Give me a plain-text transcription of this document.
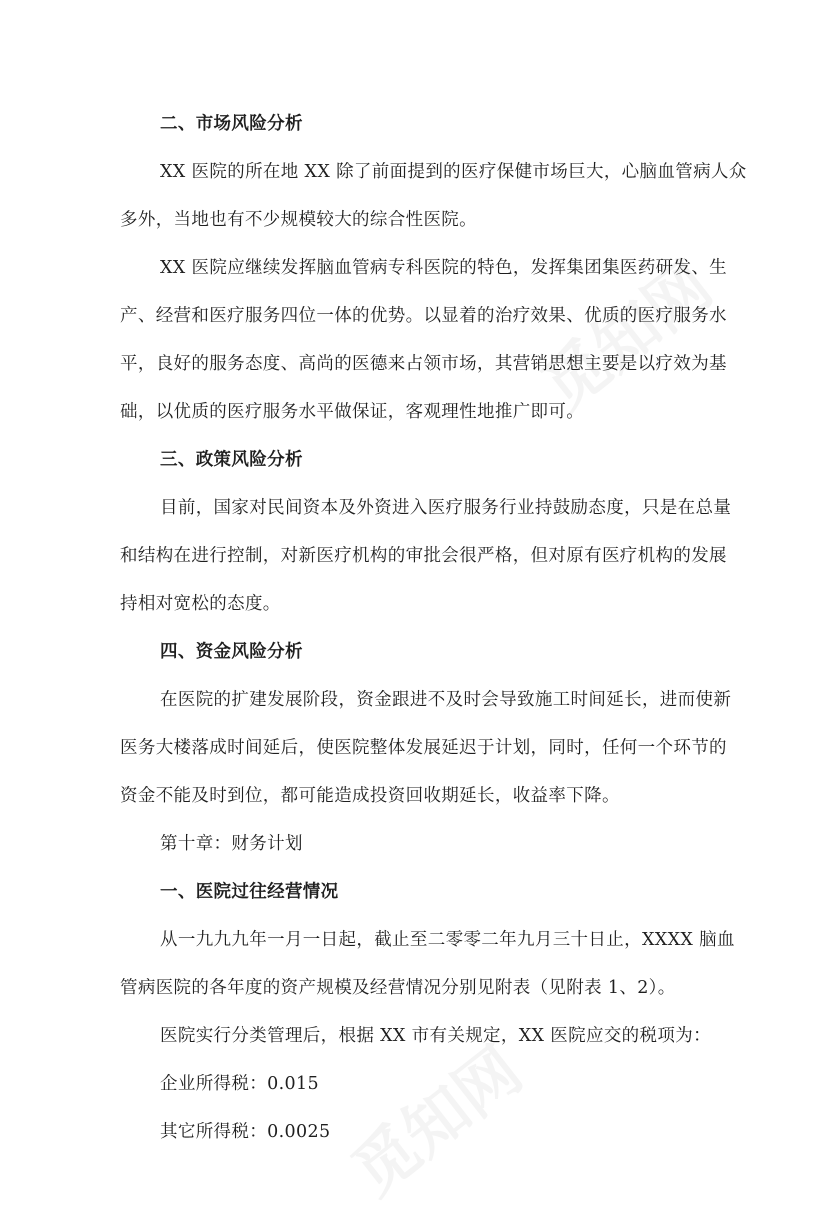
二、市场风险分析
XX 医院的所在地 XX 除了前面提到的医疗保健市场巨大，心脑血管病人众
多外，当地也有不少规模较大的综合性医院。
XX 医院应继续发挥脑血管病专科医院的特色，发挥集团集医药研发、生
产、经营和医疗服务四位一体的优势。以显着的治疗效果、优质的医疗服务水
平，良好的服务态度、高尚的医德来占领市场，其营销思想主要是以疗效为基
础，以优质的医疗服务水平做保证，客观理性地推广即可。
三、政策风险分析
目前，国家对民间资本及外资进入医疗服务行业持鼓励态度，只是在总量
和结构在进行控制，对新医疗机构的审批会很严格，但对原有医疗机构的发展
持相对宽松的态度。
四、资金风险分析
在医院的扩建发展阶段，资金跟进不及时会导致施工时间延长，进而使新
医务大楼落成时间延后，使医院整体发展延迟于计划，同时，任何一个环节的
资金不能及时到位，都可能造成投资回收期延长，收益率下降。
第十章：财务计划
一、医院过往经营情况
从一九九九年一月一日起，截止至二零零二年九月三十日止，XXXX 脑血
管病医院的各年度的资产规模及经营情况分别见附表（见附表 1、2）。
医院实行分类管理后，根据 XX 市有关规定，XX 医院应交的税项为：
企业所得税：0.015
其它所得税：0.0025
